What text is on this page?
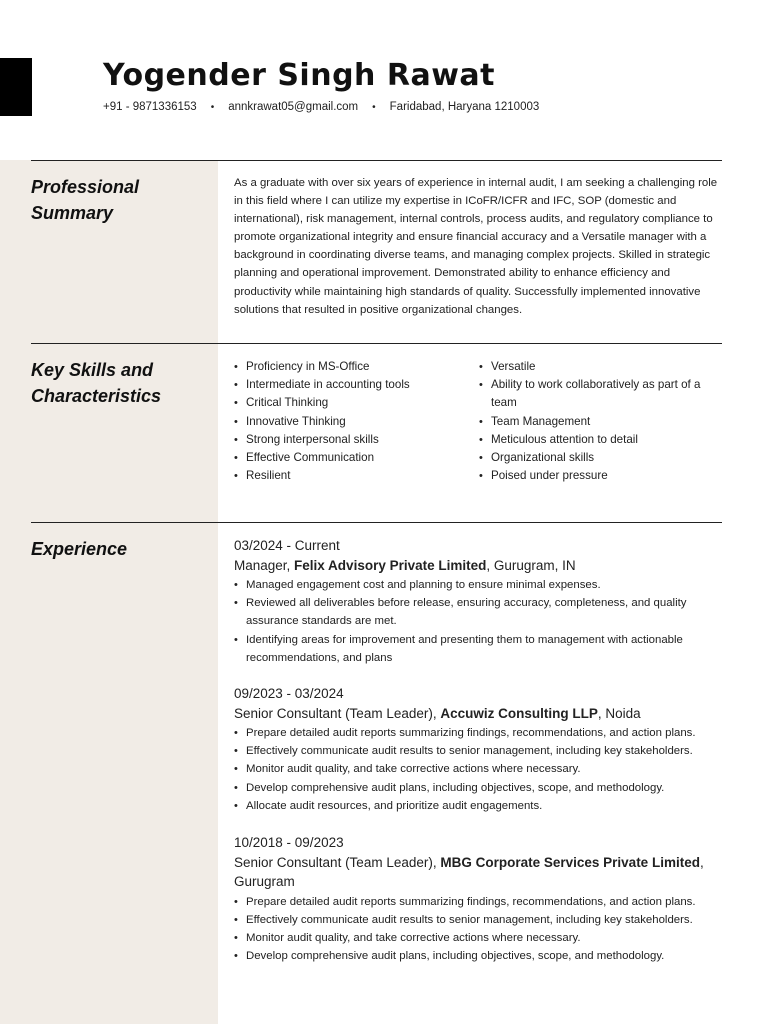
Yogender Singh Rawat
+91 - 9871336153 • annkrawat05@gmail.com • Faridabad, Haryana 1210003
Professional
Summary

As a graduate with over six years of experience in internal audit, I am seeking a challenging role in this field where I can utilize my expertise in ICoFR/ICFR and IFC, SOP (domestic and international), risk management, internal controls, process audits, and regulatory compliance to promote organizational integrity and ensure financial accuracy and a Versatile manager with a background in coordinating diverse teams, and managing complex projects. Skilled in strategic planning and operational improvement. Demonstrated ability to enhance efficiency and productivity while maintaining high standards of quality. Successfully implemented innovative solutions that resulted in positive organizational changes.

Key Skills and
Characteristics
• Proficiency in MS-Office
• Intermediate in accounting tools
• Critical Thinking
• Innovative Thinking
• Strong interpersonal skills
• Effective Communication
• Resilient
• Versatile
• Ability to work collaboratively as part of a team
• Team Management
• Meticulous attention to detail
• Organizational skills
• Poised under pressure
Experience	03/2024 - Current
Manager, Felix Advisory Private Limited, Gurugram, IN
• Managed engagement cost and planning to ensure minimal expenses.
• Reviewed all deliverables before release, ensuring accuracy, completeness, and quality assurance standards are met.
• Identifying areas for improvement and presenting them to management with actionable recommendations, and plans
09/2023 - 03/2024
Senior Consultant (Team Leader), Accuwiz Consulting LLP, Noida
• Prepare detailed audit reports summarizing findings, recommendations, and action plans.
• Effectively communicate audit results to senior management, including key stakeholders.
• Monitor audit quality, and take corrective actions where necessary.
• Develop comprehensive audit plans, including objectives, scope, and methodology.
• Allocate audit resources, and prioritize audit engagements.
10/2018 - 09/2023
Senior Consultant (Team Leader), MBG Corporate Services Private Limited, Gurugram
• Prepare detailed audit reports summarizing findings, recommendations, and action plans.
• Effectively communicate audit results to senior management, including key stakeholders.
• Monitor audit quality, and take corrective actions where necessary.
• Develop comprehensive audit plans, including objectives, scope, and methodology.
